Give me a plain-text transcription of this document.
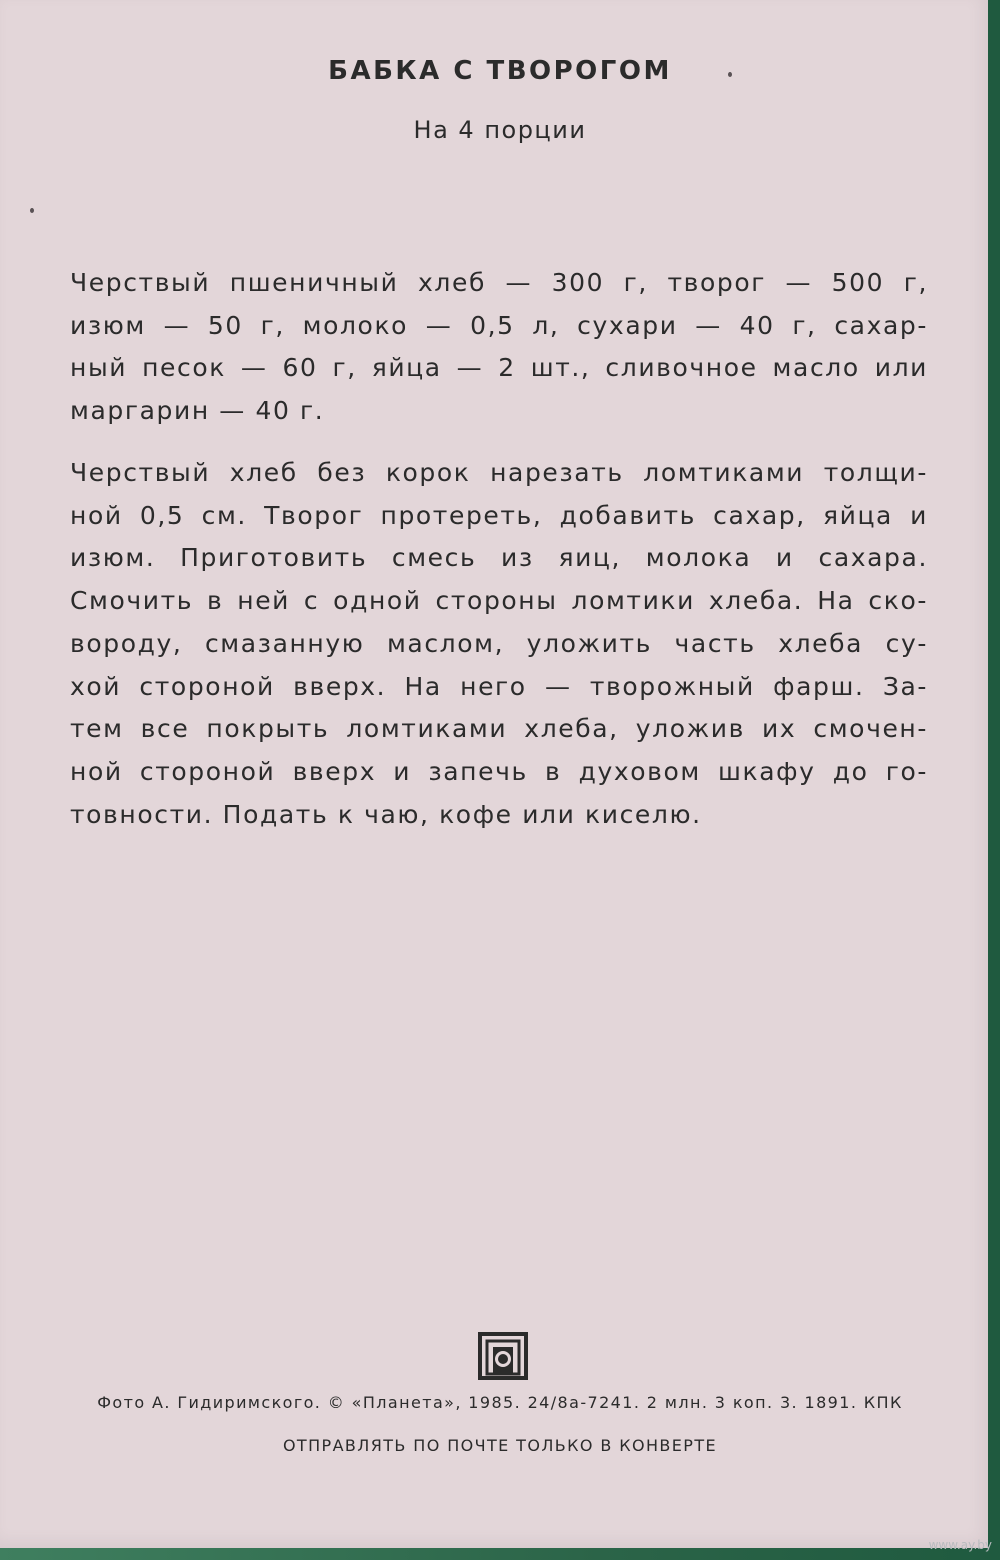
БАБКА С ТВОРОГОМ
На 4 порции
Черствый пшеничный хлеб — 300 г, творог — 500 г,
изюм — 50 г, молоко — 0,5 л, сухари — 40 г, сахар-
ный песок — 60 г, яйца — 2 шт., сливочное масло или
маргарин — 40 г.
Черствый хлеб без корок нарезать ломтиками толщи-
ной 0,5 см. Творог протереть, добавить сахар, яйца и
изюм. Приготовить смесь из яиц, молока и сахара.
Смочить в ней с одной стороны ломтики хлеба. На ско-
вороду, смазанную маслом, уложить часть хлеба су-
хой стороной вверх. На него — творожный фарш. За-
тем все покрыть ломтиками хлеба, уложив их смочен-
ной стороной вверх и запечь в духовом шкафу до го-
товности. Подать к чаю, кофе или киселю.
Фото А. Гидиримского. © «Планета», 1985. 24/8а-7241. 2 млн. 3 коп. 3. 1891. КПК
ОТПРАВЛЯТЬ ПО ПОЧТЕ ТОЛЬКО В КОНВЕРТЕ
www.ay.by
